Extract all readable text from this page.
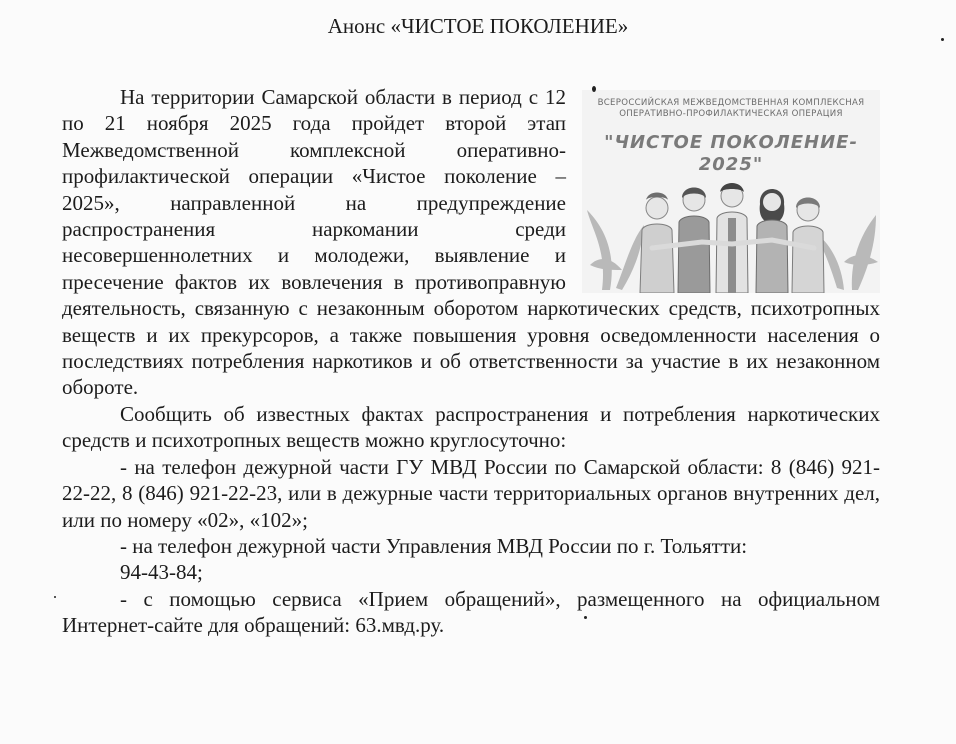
Анонс «ЧИСТОЕ ПОКОЛЕНИЕ»
ВСЕРОССИЙСКАЯ МЕЖВЕДОМСТВЕННАЯ КОМПЛЕКСНАЯ
ОПЕРАТИВНО-ПРОФИЛАКТИЧЕСКАЯ ОПЕРАЦИЯ
"ЧИСТОЕ ПОКОЛЕНИЕ-
2025"

На территории Самарской области в период с 12 по 21 ноября 2025 года пройдет второй этап Межведомственной комплексной оперативно-профилактической операции «Чистое поколение – 2025», направленной на предупреждение распространения наркомании среди несовершеннолетних и молодежи, выявление и пресечение фактов их вовлечения в противоправную деятельность, связанную с незаконным оборотом наркотических средств, психотропных веществ и их прекурсоров, а также повышения уровня осведомленности населения о последствиях потребления наркотиков и об ответственности за участие в их незаконном обороте.

Сообщить об известных фактах распространения и потребления наркотических средств и психотропных веществ можно круглосуточно:

- на телефон дежурной части ГУ МВД России по Самарской области: 8 (846) 921-22-22, 8 (846) 921-22-23, или в дежурные части территориальных органов внутренних дел, или по номеру «02», «102»;

- на телефон дежурной части Управления МВД России по г. Тольятти:

94-43-84;

- с помощью сервиса «Прием обращений», размещенного на официальном Интернет-сайте для обращений: 63.мвд.ру.
